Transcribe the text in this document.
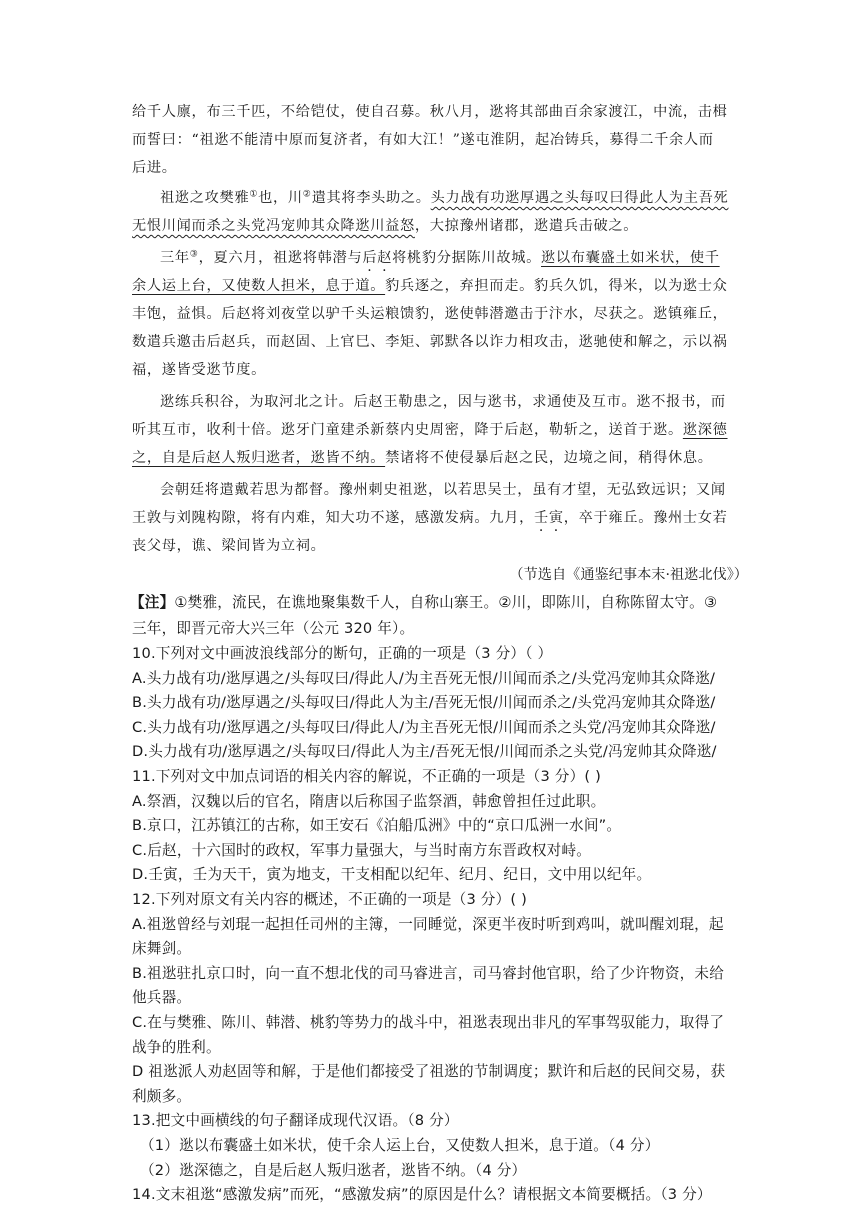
给千人廪，布三千匹，不给铠仗，使自召募。秋八月，逖将其部曲百余家渡江，中流，击楫
而誓曰：“祖逖不能清中原而复济者，有如大江！”遂屯淮阴，起冶铸兵，募得二千余人而
后进。
祖逖之攻樊雅①也，川②遣其将李头助之。头力战有功逖厚遇之头每叹曰得此人为主吾死
无恨川闻而杀之头党冯宠帅其众降逖川益怒，大掠豫州诸郡，逖遣兵击破之。
三年③，夏六月，祖逖将韩潜与后赵将桃豹分据陈川故城。逖以布囊盛土如米状，使千
余人运上台，又使数人担米，息于道。豹兵逐之，弃担而走。豹兵久饥，得米，以为逖士众
丰饱，益惧。后赵将刘夜堂以驴千头运粮馈豹，逖使韩潜邀击于汴水，尽获之。逖镇雍丘，
数遣兵邀击后赵兵，而赵固、上官巳、李矩、郭默各以诈力相攻击，逖驰使和解之，示以祸
福，遂皆受逖节度。
逖练兵积谷，为取河北之计。后赵王勒患之，因与逖书，求通使及互市。逖不报书，而
听其互市，收利十倍。逖牙门童建杀新蔡内史周密，降于后赵，勒斩之，送首于逖。逖深德
之，自是后赵人叛归逖者，逖皆不纳。禁诸将不使侵暴后赵之民，边境之间，稍得休息。
会朝廷将遣戴若思为都督。豫州刺史祖逖，以若思吴士，虽有才望，无弘致远识；又闻
王敦与刘隗构隙，将有内难，知大功不遂，感激发病。九月，壬寅，卒于雍丘。豫州士女若
丧父母，谯、梁间皆为立祠。
（节选自《通鉴纪事本末·祖逖北伐》）
【注】①樊雅，流民，在谯地聚集数千人，自称山寨王。②川，即陈川，自称陈留太守。③
三年，即晋元帝大兴三年（公元 320 年）。
10.下列对文中画波浪线部分的断句，正确的一项是（3 分）（ ）
A.头力战有功/逖厚遇之/头每叹曰/得此人/为主吾死无恨/川闻而杀之/头党冯宠帅其众降逖/
B.头力战有功/逖厚遇之/头每叹曰/得此人为主/吾死无恨/川闻而杀之/头党冯宠帅其众降逖/
C.头力战有功/逖厚遇之/头每叹曰/得此人/为主吾死无恨/川闻而杀之头党/冯宠帅其众降逖/
D.头力战有功/逖厚遇之/头每叹曰/得此人为主/吾死无恨/川闻而杀之头党/冯宠帅其众降逖/
11.下列对文中加点词语的相关内容的解说，不正确的一项是（3 分）( )
A.祭酒，汉魏以后的官名，隋唐以后称国子监祭酒，韩愈曾担任过此职。
B.京口，江苏镇江的古称，如王安石《泊船瓜洲》中的“京口瓜洲一水间”。
C.后赵，十六国时的政权，军事力量强大，与当时南方东晋政权对峙。
D.壬寅，壬为天干，寅为地支，干支相配以纪年、纪月、纪日，文中用以纪年。
12.下列对原文有关内容的概述，不正确的一项是（3 分）( )
A.祖逖曾经与刘琨一起担任司州的主簿，一同睡觉，深更半夜时听到鸡叫，就叫醒刘琨，起
床舞剑。
B.祖逖驻扎京口时，向一直不想北伐的司马睿进言，司马睿封他官职，给了少许物资，未给
他兵器。
C.在与樊雅、陈川、韩潜、桃豹等势力的战斗中，祖逖表现出非凡的军事驾驭能力，取得了
战争的胜利。
D 祖逖派人劝赵固等和解，于是他们都接受了祖逖的节制调度；默许和后赵的民间交易，获
利颇多。
13.把文中画横线的句子翻译成现代汉语。（8 分）
（1）逖以布囊盛土如米状，使千余人运上台，又使数人担米，息于道。（4 分）
（2）逖深德之，自是后赵人叛归逖者，逖皆不纳。（4 分）
14.文末祖逖“感激发病”而死，“感激发病”的原因是什么？请根据文本简要概括。（3 分）
